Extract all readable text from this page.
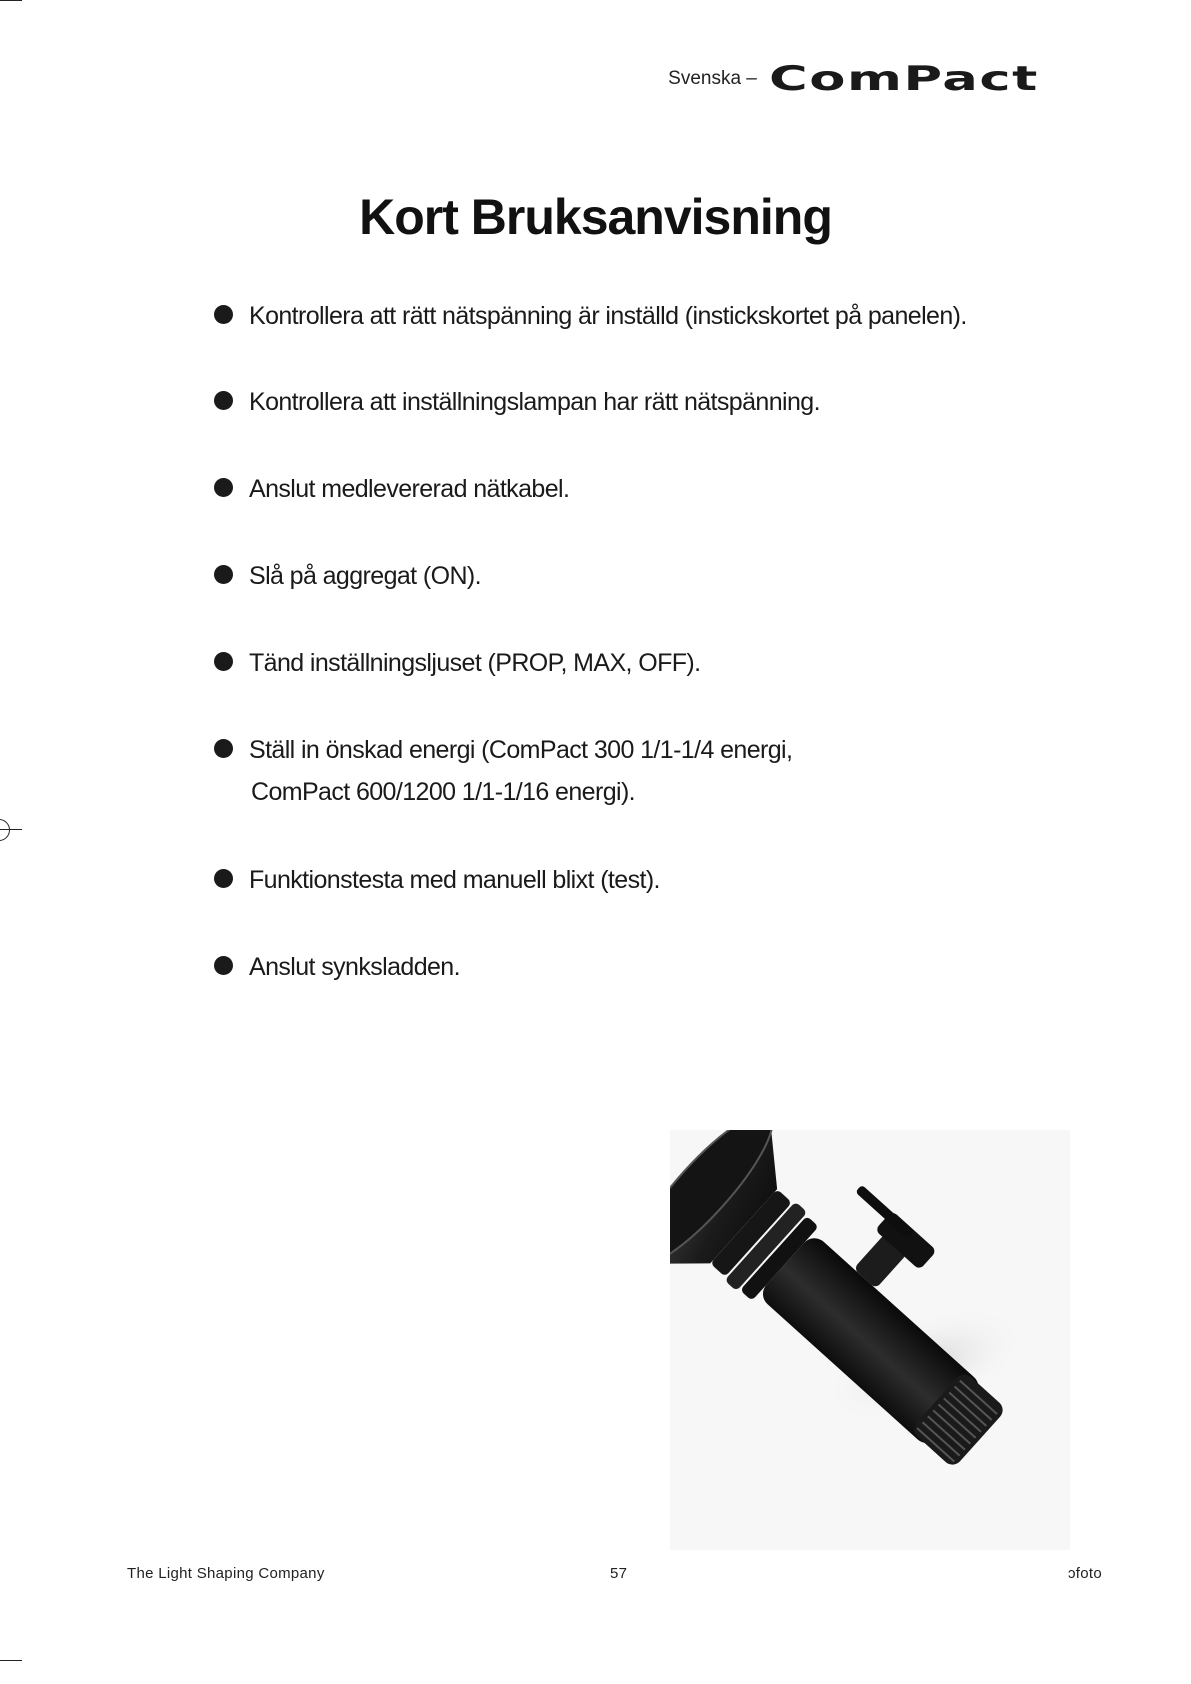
Svenska – ComPact
Kort Bruksanvisning
Kontrollera att rätt nätspänning är inställd (instickskortet på panelen).
Kontrollera att inställningslampan har rätt nätspänning.
Anslut medlevererad nätkabel.
Slå på aggregat (ON).
Tänd inställningsljuset (PROP, MAX, OFF).
Ställ in önskad energi (ComPact 300 1/1-1/4 energi,
ComPact 600/1200 1/1-1/16 energi).
Funktionstesta med manuell blixt (test).
Anslut synksladden.
The Light Shaping Company	57	ɔfoto
